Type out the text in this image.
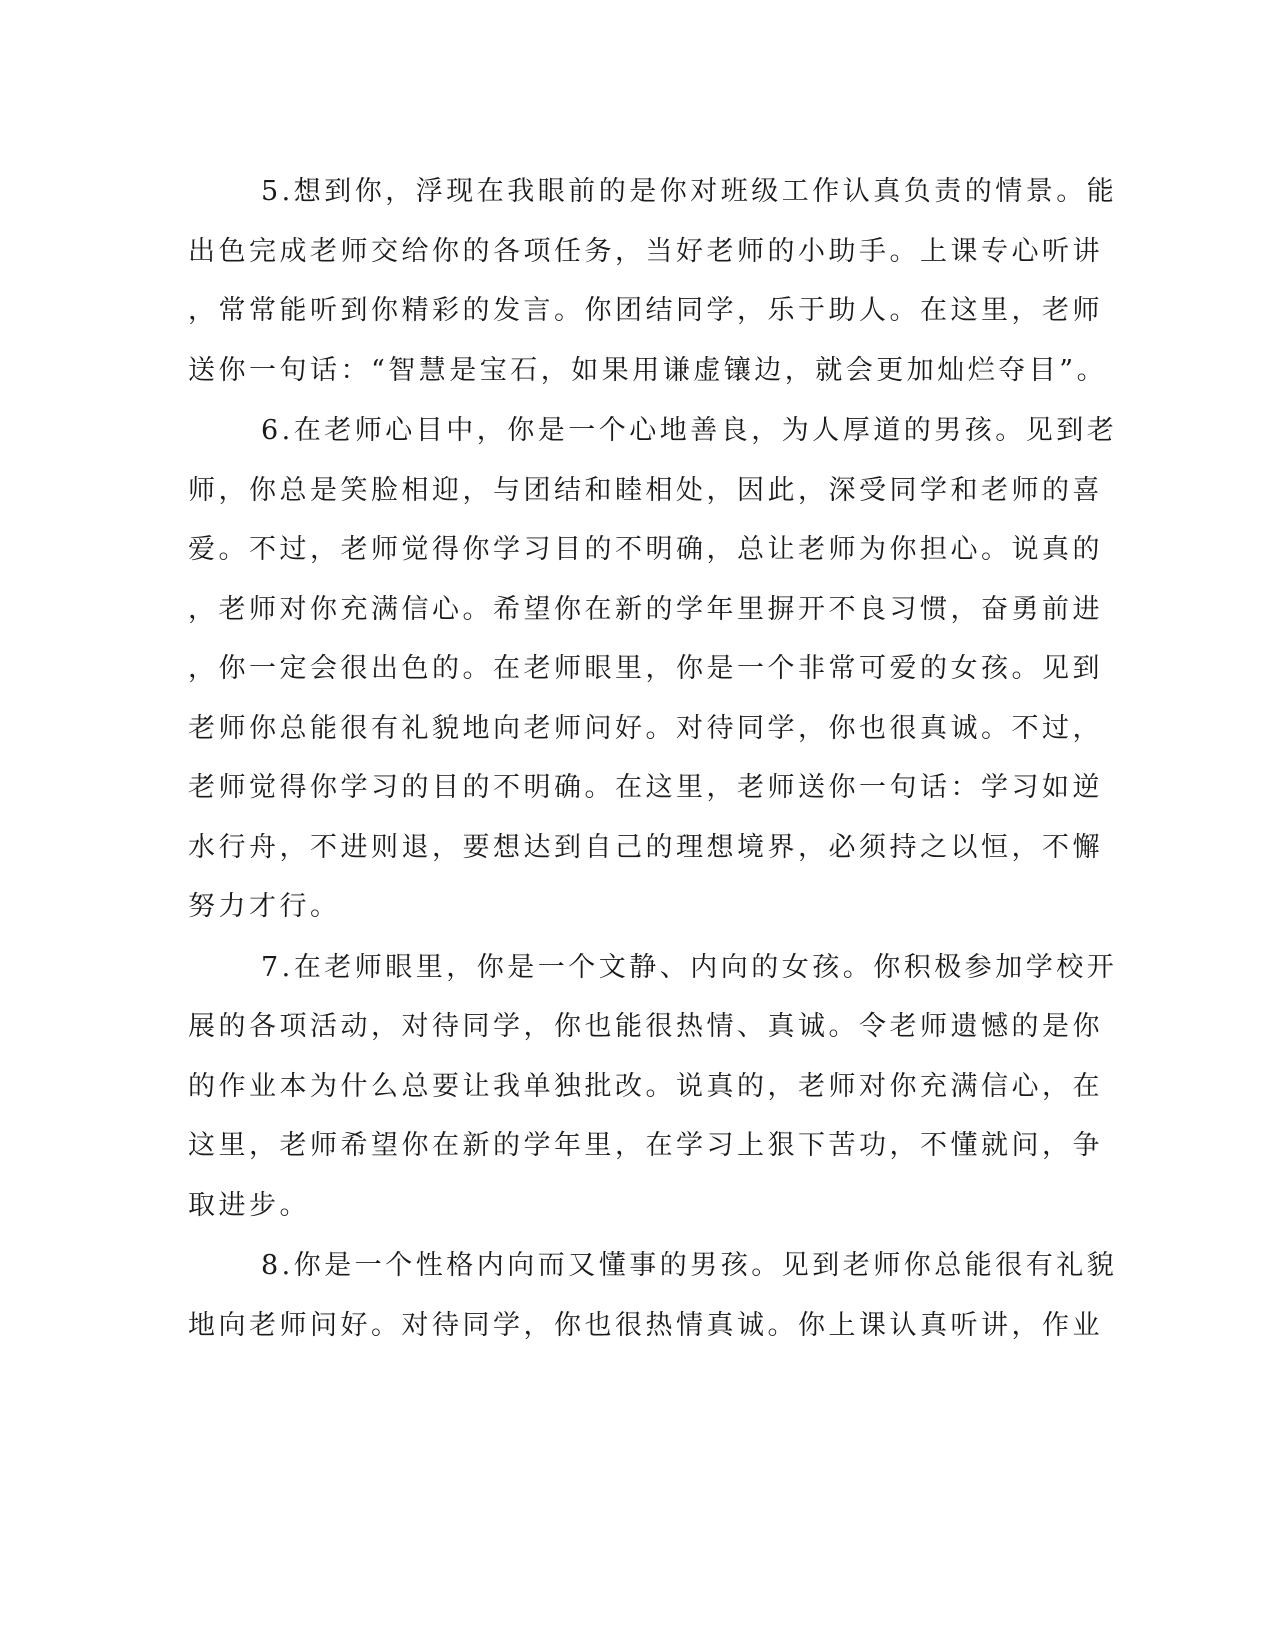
5.想到你，浮现在我眼前的是你对班级工作认真负责的情景。能
出色完成老师交给你的各项任务，当好老师的小助手。上课专心听讲
，常常能听到你精彩的发言。你团结同学，乐于助人。在这里，老师
送你一句话：“智慧是宝石，如果用谦虚镶边，就会更加灿烂夺目”。
6.在老师心目中，你是一个心地善良，为人厚道的男孩。见到老
师，你总是笑脸相迎，与团结和睦相处，因此，深受同学和老师的喜
爱。不过，老师觉得你学习目的不明确，总让老师为你担心。说真的
，老师对你充满信心。希望你在新的学年里摒开不良习惯，奋勇前进
，你一定会很出色的。在老师眼里，你是一个非常可爱的女孩。见到
老师你总能很有礼貌地向老师问好。对待同学，你也很真诚。不过，
老师觉得你学习的目的不明确。在这里，老师送你一句话：学习如逆
水行舟，不进则退，要想达到自己的理想境界，必须持之以恒，不懈
努力才行。
7.在老师眼里，你是一个文静、内向的女孩。你积极参加学校开
展的各项活动，对待同学，你也能很热情、真诚。令老师遗憾的是你
的作业本为什么总要让我单独批改。说真的，老师对你充满信心，在
这里，老师希望你在新的学年里，在学习上狠下苦功，不懂就问，争
取进步。
8.你是一个性格内向而又懂事的男孩。见到老师你总能很有礼貌
地向老师问好。对待同学，你也很热情真诚。你上课认真听讲，作业
